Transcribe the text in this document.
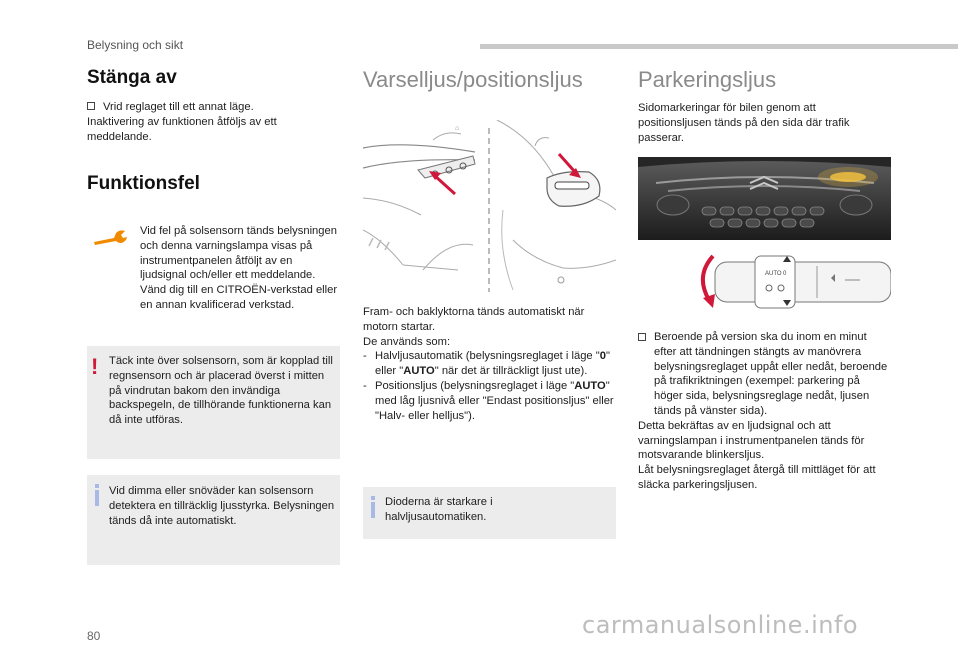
Belysning och sikt
Stänga av
Vrid reglaget till ett annat läge.
Inaktivering av funktionen åtföljs av ett meddelande.
Funktionsfel
Vid fel på solsensorn tänds belysningen och denna varningslampa visas på instrumentpanelen åtföljt av en ljudsignal och/eller ett meddelande. Vänd dig till en CITROËN-verkstad eller en annan kvalificerad verkstad.
! Täck inte över solsensorn, som är kopplad till regnsensorn och är placerad överst i mitten på vindrutan bakom den invändiga backspegeln, de tillhörande funktionerna kan då inte utföras.
Vid dimma eller snöväder kan solsensorn detektera en tillräcklig ljusstyrka. Belysningen tänds då inte automatiskt.
Varselljus/positionsljus
⌂
Fram- och baklyktorna tänds automatiskt när motorn startar.
De används som:
- Halvljusautomatik (belysningsreglaget i läge "0" eller "AUTO" när det är tillräckligt ljust ute).
- Positionsljus (belysningsreglaget i läge "AUTO" med låg ljusnivå eller "Endast positionsljus" eller "Halv- eller helljus").
Dioderna är starkare i halvljusautomatiken.
Parkeringsljus
Sidomarkeringar för bilen genom att positionsljusen tänds på den sida där trafik passerar.
AUTO 0
Beroende på version ska du inom en minut efter att tändningen stängts av manövrera belysningsreglaget uppåt eller nedåt, beroende på trafikriktningen (exempel: parkering på höger sida, belysningsreglage nedåt, ljusen tänds på vänster sida).
Detta bekräftas av en ljudsignal och att varningslampan i instrumentpanelen tänds för motsvarande blinkersljus.
Låt belysningsreglaget återgå till mittläget för att släcka parkeringsljusen.
carmanualsonline.info
80
